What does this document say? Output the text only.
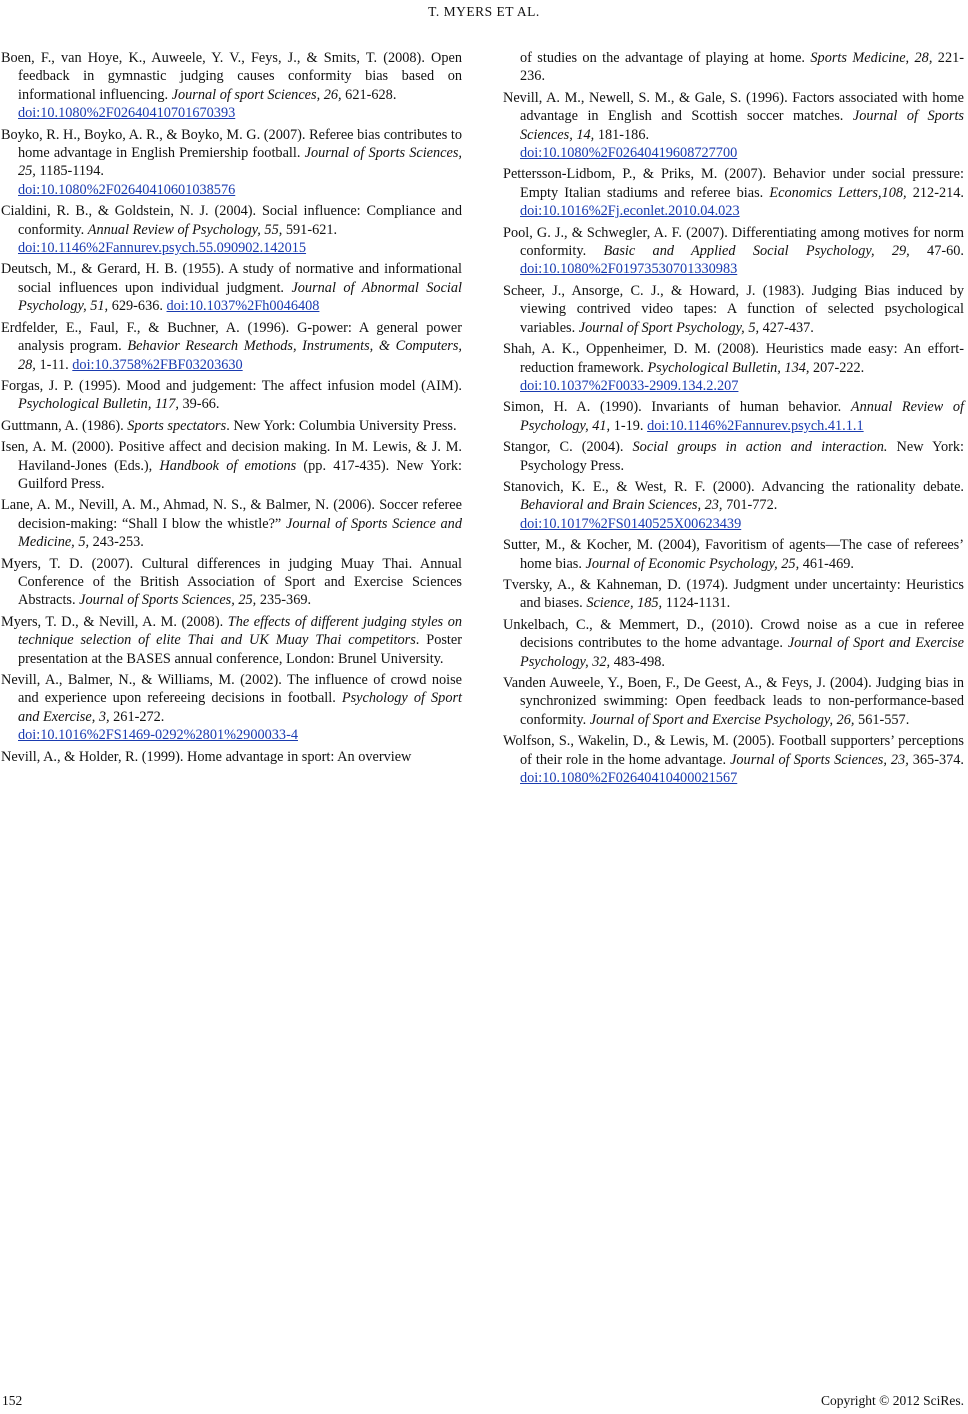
T. MYERS ET AL.

Boen, F., van Hoye, K., Auweele, Y. V., Feys, J., & Smits, T. (2008). Open feedback in gymnastic judging causes conformity bias based on informational influencing. Journal of sport Sciences, 26, 621-628.
doi:10.1080%2F02640410701670393

Boyko, R. H., Boyko, A. R., & Boyko, M. G. (2007). Referee bias contributes to home advantage in English Premiership football. Journal of Sports Sciences, 25, 1185-1194.
doi:10.1080%2F02640410601038576

Cialdini, R. B., & Goldstein, N. J. (2004). Social influence: Compliance and conformity. Annual Review of Psychology, 55, 591-621.
doi:10.1146%2Fannurev.psych.55.090902.142015

Deutsch, M., & Gerard, H. B. (1955). A study of normative and informational social influences upon individual judgment. Journal of Abnormal Social Psychology, 51, 629-636. doi:10.1037%2Fh0046408

Erdfelder, E., Faul, F., & Buchner, A. (1996). G-power: A general power analysis program. Behavior Research Methods, Instruments, & Computers, 28, 1-11. doi:10.3758%2FBF03203630

Forgas, J. P. (1995). Mood and judgement: The affect infusion model (AIM). Psychological Bulletin, 117, 39-66.

Guttmann, A. (1986). Sports spectators. New York: Columbia University Press.

Isen, A. M. (2000). Positive affect and decision making. In M. Lewis, & J. M. Haviland-Jones (Eds.), Handbook of emotions (pp. 417-435). New York: Guilford Press.

Lane, A. M., Nevill, A. M., Ahmad, N. S., & Balmer, N. (2006). Soccer referee decision-making: “Shall I blow the whistle?” Journal of Sports Science and Medicine, 5, 243-253.

Myers, T. D. (2007). Cultural differences in judging Muay Thai. Annual Conference of the British Association of Sport and Exercise Sciences Abstracts. Journal of Sports Sciences, 25, 235-369.

Myers, T. D., & Nevill, A. M. (2008). The effects of different judging styles on technique selection of elite Thai and UK Muay Thai competitors. Poster presentation at the BASES annual conference, London: Brunel University.

Nevill, A., Balmer, N., & Williams, M. (2002). The influence of crowd noise and experience upon refereeing decisions in football. Psychology of Sport and Exercise, 3, 261-272.
doi:10.1016%2FS1469-0292%2801%2900033-4

Nevill, A., & Holder, R. (1999). Home advantage in sport: An overview

of studies on the advantage of playing at home. Sports Medicine, 28, 221-236.

Nevill, A. M., Newell, S. M., & Gale, S. (1996). Factors associated with home advantage in English and Scottish soccer matches. Journal of Sports Sciences, 14, 181-186.
doi:10.1080%2F02640419608727700

Pettersson-Lidbom, P., & Priks, M. (2007). Behavior under social pressure: Empty Italian stadiums and referee bias. Economics Letters,108, 212-214. doi:10.1016%2Fj.econlet.2010.04.023

Pool, G. J., & Schwegler, A. F. (2007). Differentiating among motives for norm conformity. Basic and Applied Social Psychology, 29, 47-60. doi:10.1080%2F01973530701330983

Scheer, J., Ansorge, C. J., & Howard, J. (1983). Judging Bias induced by viewing contrived video tapes: A function of selected psychological variables. Journal of Sport Psychology, 5, 427-437.

Shah, A. K., Oppenheimer, D. M. (2008). Heuristics made easy: An effort-reduction framework. Psychological Bulletin, 134, 207-222.
doi:10.1037%2F0033-2909.134.2.207

Simon, H. A. (1990). Invariants of human behavior. Annual Review of Psychology, 41, 1-19. doi:10.1146%2Fannurev.psych.41.1.1

Stangor, C. (2004). Social groups in action and interaction. New York: Psychology Press.

Stanovich, K. E., & West, R. F. (2000). Advancing the rationality debate. Behavioral and Brain Sciences, 23, 701-772.
doi:10.1017%2FS0140525X00623439

Sutter, M., & Kocher, M. (2004), Favoritism of agents—The case of referees’ home bias. Journal of Economic Psychology, 25, 461-469.

Tversky, A., & Kahneman, D. (1974). Judgment under uncertainty: Heuristics and biases. Science, 185, 1124-1131.

Unkelbach, C., & Memmert, D., (2010). Crowd noise as a cue in referee decisions contributes to the home advantage. Journal of Sport and Exercise Psychology, 32, 483-498.

Vanden Auweele, Y., Boen, F., De Geest, A., & Feys, J. (2004). Judging bias in synchronized swimming: Open feedback leads to non-performance-based conformity. Journal of Sport and Exercise Psychology, 26, 561-557.

Wolfson, S., Wakelin, D., & Lewis, M. (2005). Football supporters’ perceptions of their role in the home advantage. Journal of Sports Sciences, 23, 365-374. doi:10.1080%2F02640410400021567

152	Copyright © 2012 SciRes.
